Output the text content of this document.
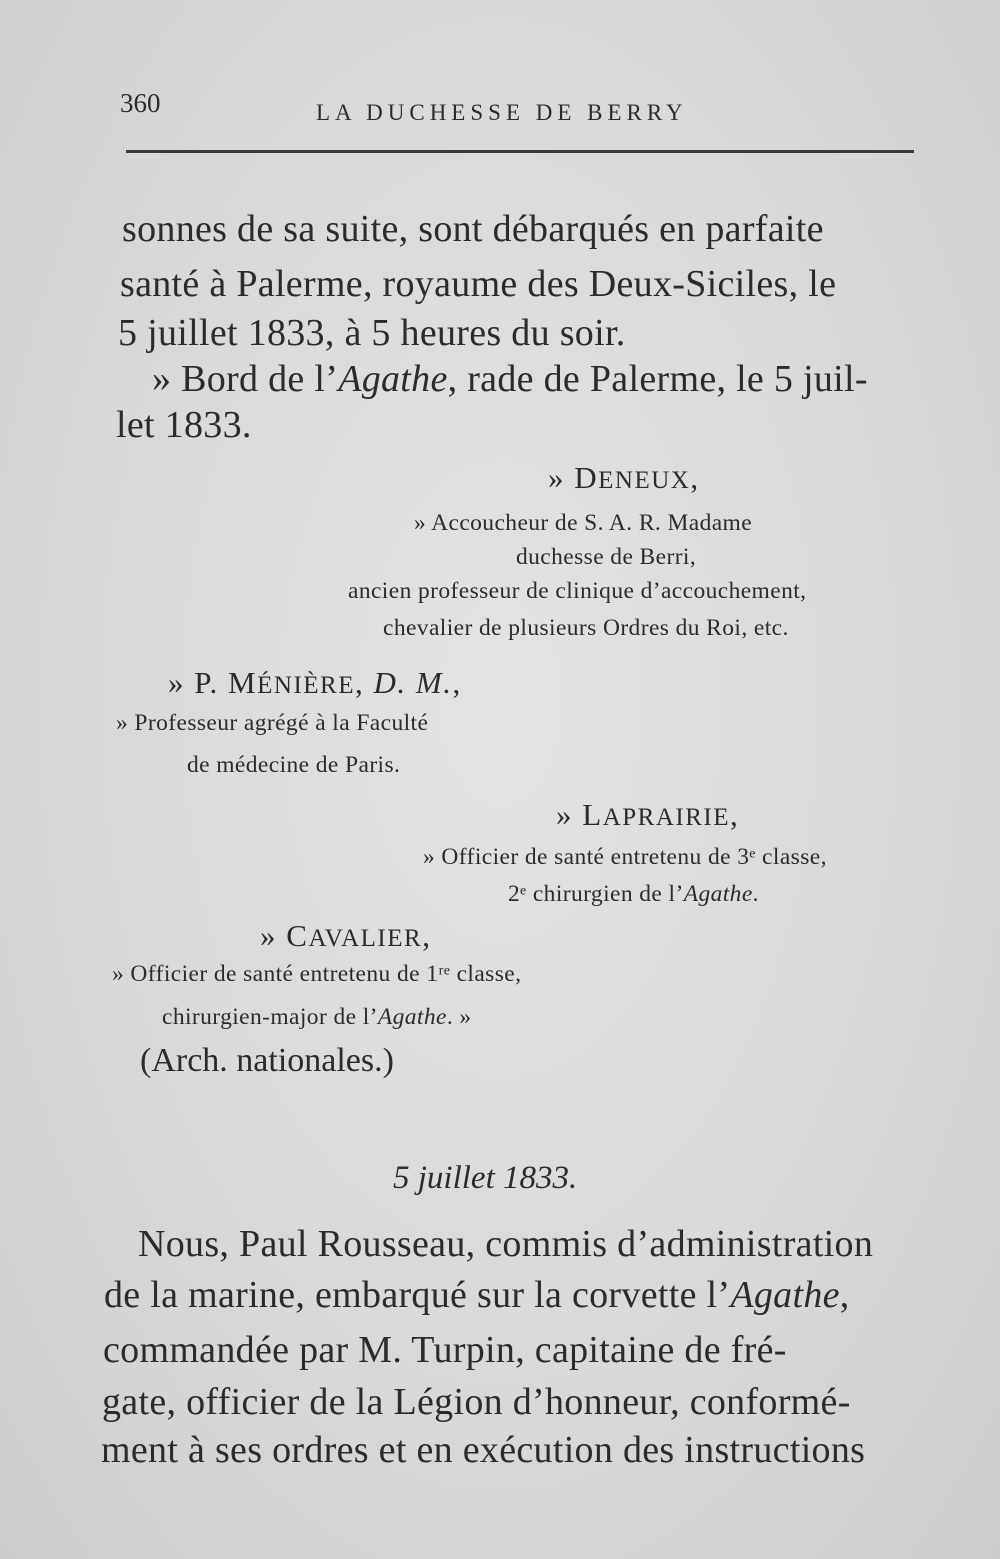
360	LA DUCHESSE DE BERRY
sonnes de sa suite, sont débarqués en parfaite
santé à Palerme, royaume des Deux-Siciles, le
5 juillet 1833, à 5 heures du soir.
» Bord de l’Agathe, rade de Palerme, le 5 juil-
let 1833.
» DENEUX,
» Accoucheur de S. A. R. Madame
duchesse de Berri,
ancien professeur de clinique d’accouchement,
chevalier de plusieurs Ordres du Roi, etc.
» P. MÉNIÈRE, D. M.,
» Professeur agrégé à la Faculté
de médecine de Paris.
» LAPRAIRIE,
» Officier de santé entretenu de 3ᵉ classe,
2ᵉ chirurgien de l’Agathe.
» CAVALIER,
» Officier de santé entretenu de 1ʳᵉ classe,
chirurgien-major de l’Agathe. »
(Arch. nationales.)
5 juillet 1833.
Nous, Paul Rousseau, commis d’administration
de la marine, embarqué sur la corvette l’Agathe,
commandée par M. Turpin, capitaine de fré-
gate, officier de la Légion d’honneur, conformé-
ment à ses ordres et en exécution des instructions
